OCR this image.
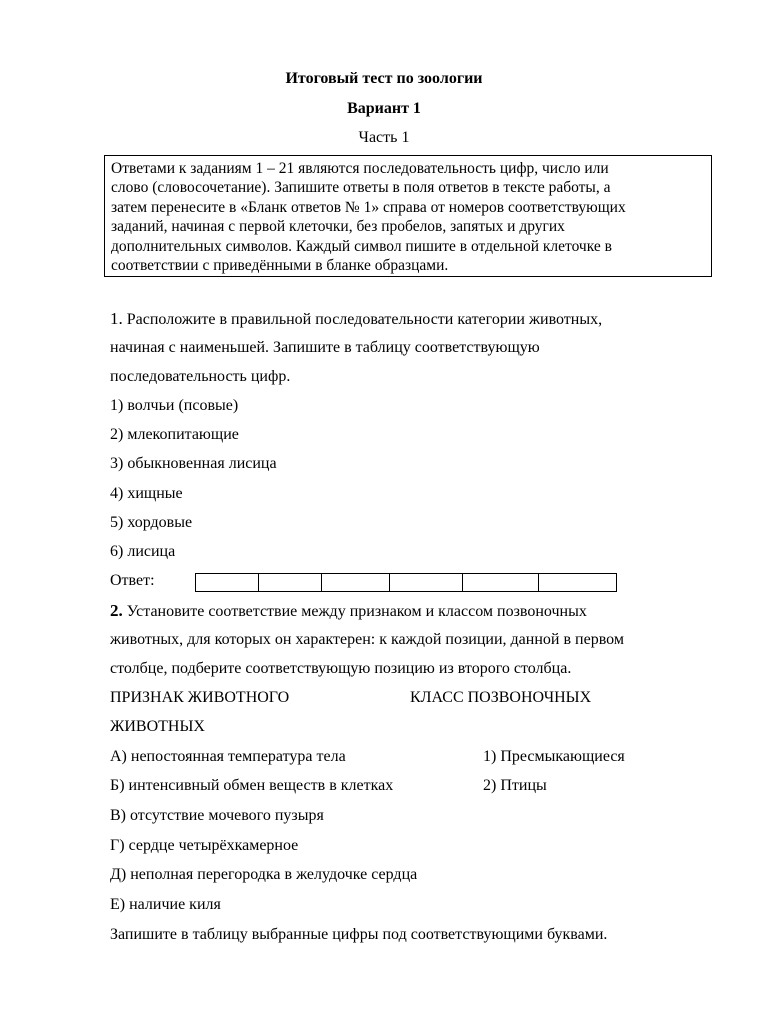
Итоговый тест по зоологии
Вариант 1
Часть 1
Ответами к заданиям 1 – 21 являются последовательность цифр, число или
слово (словосочетание). Запишите ответы в поля ответов в тексте работы, а
затем перенесите в «Бланк ответов № 1» справа от номеров соответствующих
заданий, начиная с первой клеточки, без пробелов, запятых и других
дополнительных символов. Каждый символ пишите в отдельной клеточке в
соответствии с приведёнными в бланке образцами.
1. Расположите в правильной последовательности категории животных,
начиная с наименьшей. Запишите в таблицу соответствующую
последовательность цифр.
1) волчьи (псовые)
2) млекопитающие
3) обыкновенная лисица
4) хищные
5) хордовые
6) лисица
Ответ:
2. Установите соответствие между признаком и классом позвоночных
животных, для которых он характерен: к каждой позиции, данной в первом
столбце, подберите соответствующую позицию из второго столбца.
ПРИЗНАК ЖИВОТНОГО	КЛАСС ПОЗВОНОЧНЫХ
ЖИВОТНЫХ
А) непостоянная температура тела	1) Пресмыкающиеся
Б) интенсивный обмен веществ в клетках	2) Птицы
В) отсутствие мочевого пузыря
Г) сердце четырёхкамерное
Д) неполная перегородка в желудочке сердца
Е) наличие киля
Запишите в таблицу выбранные цифры под соответствующими буквами.
